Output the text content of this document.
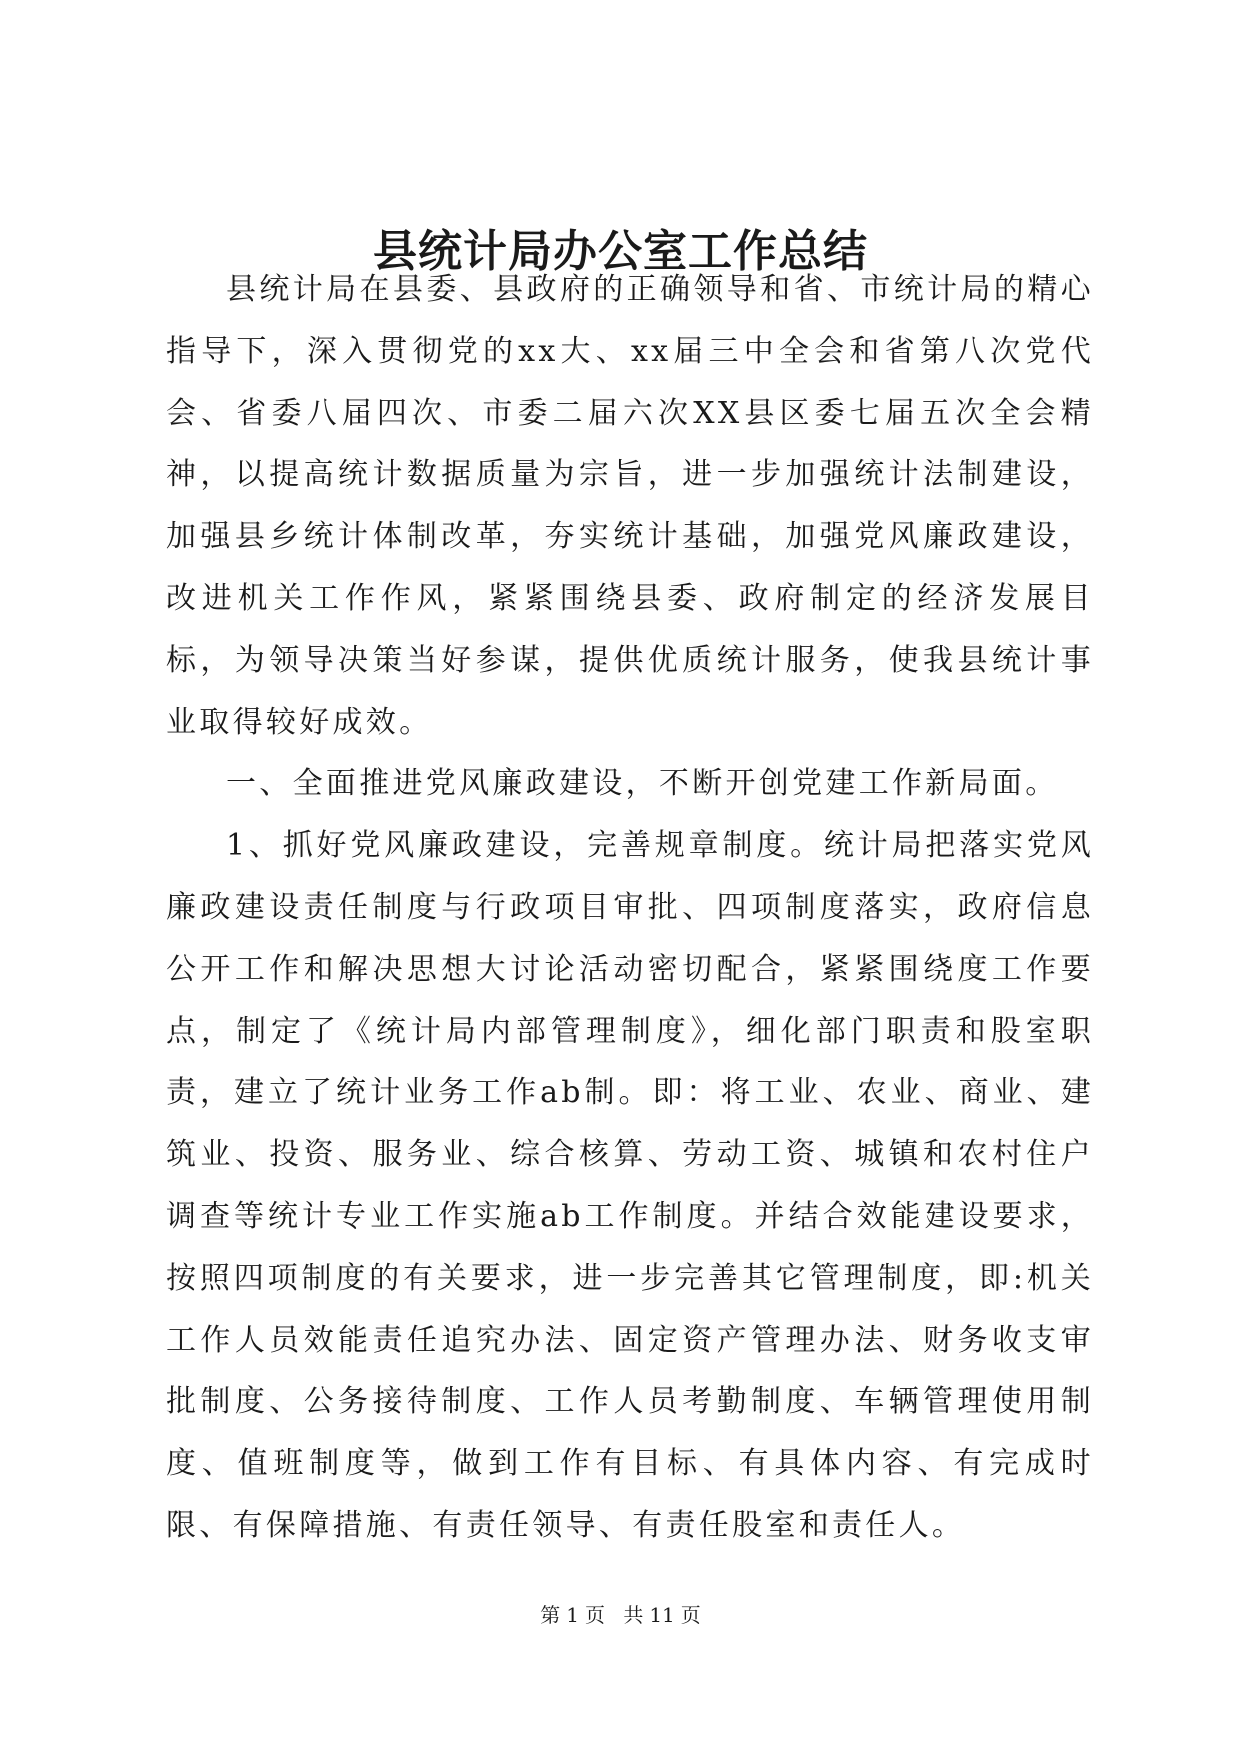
县统计局办公室工作总结

县统计局在县委、县政府的正确领导和省、市统计局的精心指导下，深入贯彻党的xx大、xx届三中全会和省第八次党代会、省委八届四次、市委二届六次XX县区委七届五次全会精神，以提高统计数据质量为宗旨，进一步加强统计法制建设，加强县乡统计体制改革，夯实统计基础，加强党风廉政建设，改进机关工作作风，紧紧围绕县委、政府制定的经济发展目标，为领导决策当好参谋，提供优质统计服务，使我县统计事业取得较好成效。

一、全面推进党风廉政建设，不断开创党建工作新局面。

1、抓好党风廉政建设，完善规章制度。统计局把落实党风廉政建设责任制度与行政项目审批、四项制度落实，政府信息公开工作和解决思想大讨论活动密切配合，紧紧围绕度工作要点，制定了《统计局内部管理制度》，细化部门职责和股室职责，建立了统计业务工作ab制。即：将工业、农业、商业、建筑业、投资、服务业、综合核算、劳动工资、城镇和农村住户调查等统计专业工作实施ab工作制度。并结合效能建设要求，按照四项制度的有关要求，进一步完善其它管理制度，即:机关工作人员效能责任追究办法、固定资产管理办法、财务收支审批制度、公务接待制度、工作人员考勤制度、车辆管理使用制度、值班制度等，做到工作有目标、有具体内容、有完成时限、有保障措施、有责任领导、有责任股室和责任人。

第 1 页 共 11 页
